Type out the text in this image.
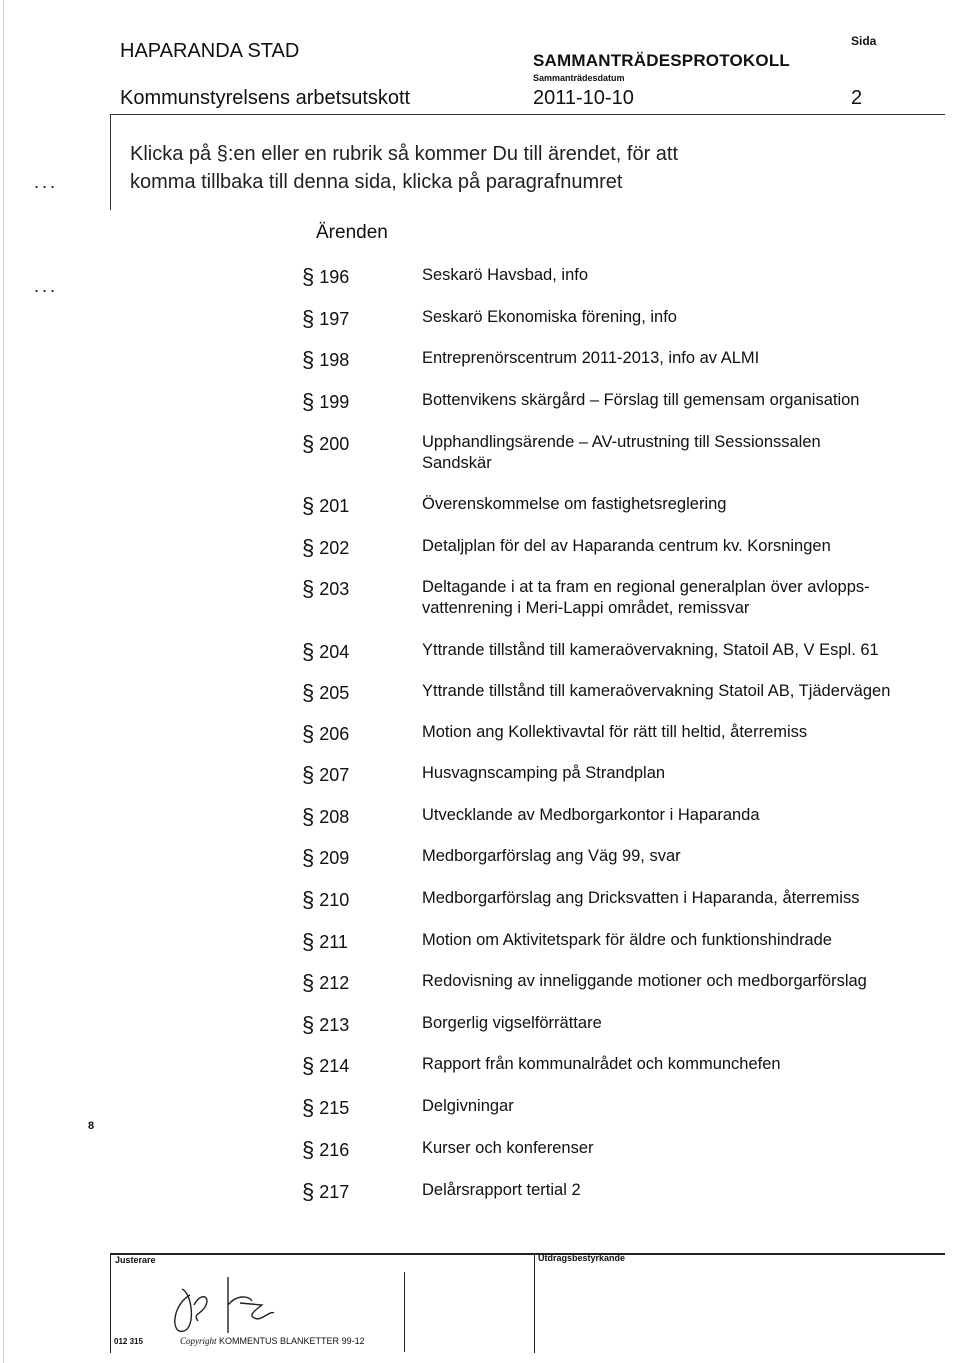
HAPARANDA STAD
Kommunstyrelsens arbetsutskott
SAMMANTRÄDESPROTOKOLL
Sammanträdesdatum
2011-10-10
Sida
2
...
...
Klicka på §:en eller en rubrik så kommer Du till ärendet, för att komma tillbaka till denna sida, klicka på paragrafnumret
Ärenden
§ 196	Seskarö Havsbad, info
§ 197	Seskarö Ekonomiska förening, info
§ 198	Entreprenörscentrum 2011-2013, info av ALMI
§ 199	Bottenvikens skärgård – Förslag till gemensam organisation
§ 200	Upphandlingsärende – AV-utrustning till Sessionssalen Sandskär
§ 201	Överenskommelse om fastighetsreglering
§ 202	Detaljplan för del av Haparanda centrum kv. Korsningen
§ 203	Deltagande i at ta fram en regional generalplan över avlopps- vattenrening i Meri-Lappi området, remissvar
§ 204	Yttrande tillstånd till kameraövervakning, Statoil AB, V Espl. 61
§ 205	Yttrande tillstånd till kameraövervakning Statoil AB, Tjädervägen
§ 206	Motion ang Kollektivavtal för rätt till heltid, återremiss
§ 207	Husvagnscamping på Strandplan
§ 208	Utvecklande av Medborgarkontor i Haparanda
§ 209	Medborgarförslag ang Väg 99, svar
§ 210	Medborgarförslag ang Dricksvatten i Haparanda, återremiss
§ 211	Motion om Aktivitetspark för äldre och funktionshindrade
§ 212	Redovisning av inneliggande motioner och medborgarförslag
§ 213	Borgerlig vigselförrättare
§ 214	Rapport från kommunalrådet och kommunchefen
§ 215	Delgivningar
§ 216	Kurser och konferenser
§ 217	Delårsrapport tertial 2
8
Justerare	Utdragsbestyrkande
012 315	Copyright KOMMENTUS BLANKETTER 99-12
